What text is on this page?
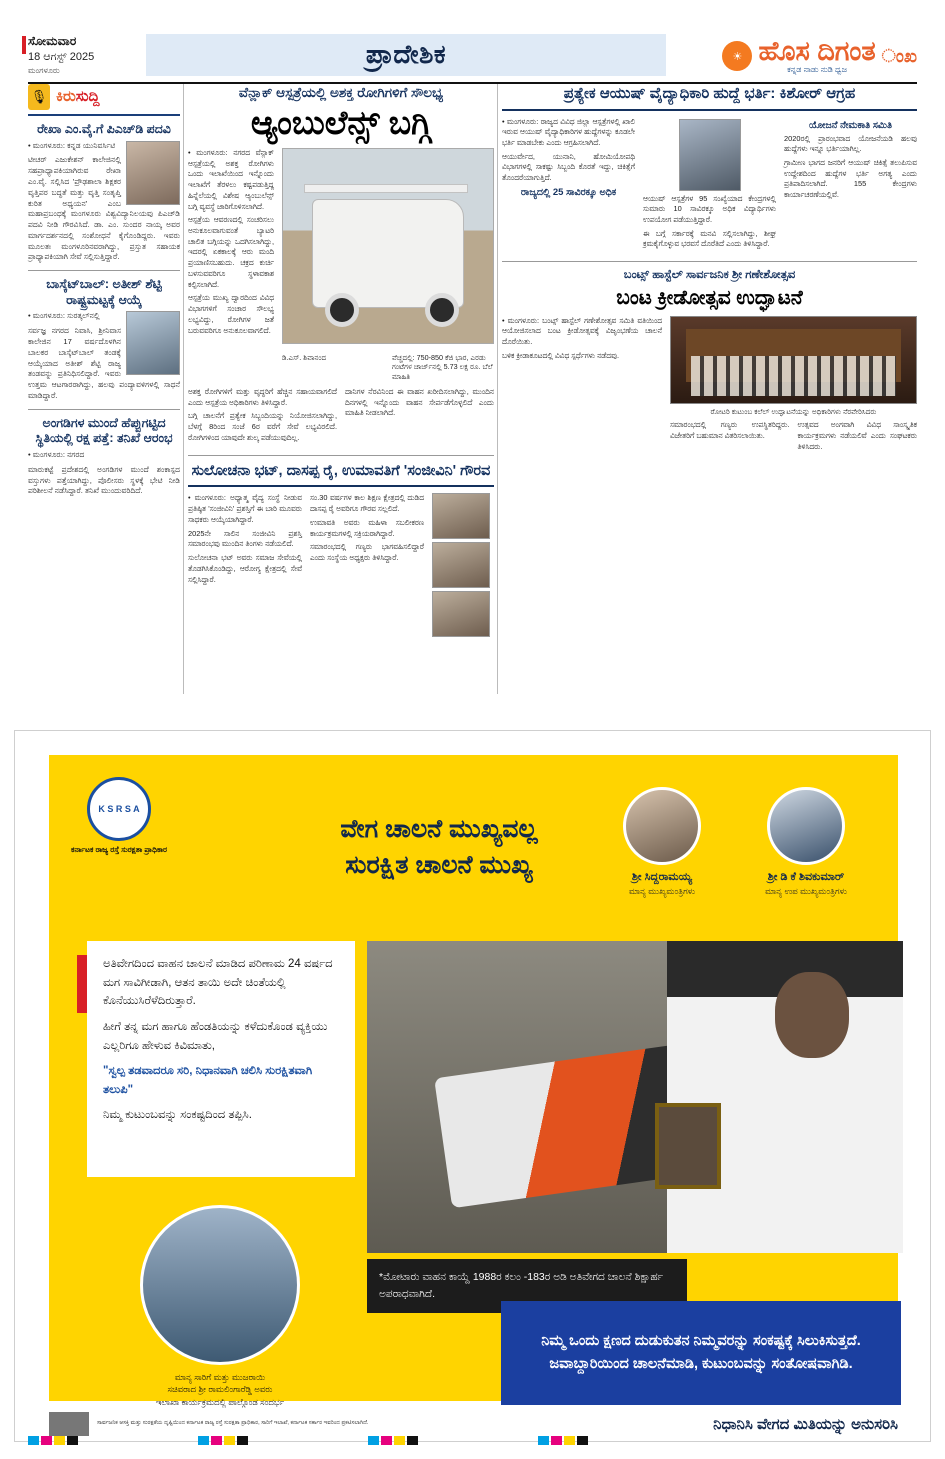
ಸೋಮವಾರ
18 ಆಗಸ್ಟ್ 2025
ಮಂಗಳೂರು
ಪ್ರಾದೇಶಿಕ	☀ ಹೊಸ ದಿಗಂತ
ಕನ್ನಡ ನಾಡು ನುಡಿ ಧ್ವಜ
ಂಖ
🎙 ಕಿರುಸುದ್ದಿ
ರೇಖಾ ಎಂ.ವೈ.ಗೆ ಪಿಎಚ್‌ಡಿ ಪದವಿ

• ಮಂಗಳೂರು: ಕನ್ನಡ ಯುನಿವರ್ಸಿಟಿ

ಟೀಚರ್ ಎಜುಕೇಶನ್ ಕಾಲೇಜಿನಲ್ಲಿ ಸಹಪ್ರಾಧ್ಯಾಪಕಿಯಾಗಿರುವ ರೇಖಾ ಎಂ.ವೈ. ಸಲ್ಲಿಸಿದ 'ಪ್ರೌಢಶಾಲಾ ಶಿಕ್ಷಕರ ವೃತ್ತಿಪರ ಬದ್ಧತೆ ಮತ್ತು ವೃತ್ತಿ ಸಂತೃಪ್ತಿ ಕುರಿತ ಅಧ್ಯಯನ' ಎಂಬ ಮಹಾಪ್ರಬಂಧಕ್ಕೆ ಮಂಗಳೂರು ವಿಶ್ವವಿದ್ಯಾನಿಲಯವು ಪಿಎಚ್‌ಡಿ ಪದವಿ ನೀಡಿ ಗೌರವಿಸಿದೆ. ಡಾ. ಎಂ. ಸುಂದರ ನಾಯ್ಕ ಅವರ ಮಾರ್ಗದರ್ಶನದಲ್ಲಿ ಸಂಶೋಧನೆ ಕೈಗೊಂಡಿದ್ದರು. ಇವರು ಮೂಲತಃ ಮಂಗಳೂರಿನವರಾಗಿದ್ದು, ಪ್ರಸ್ತುತ ಸಹಾಯಕ ಪ್ರಾಧ್ಯಾಪಕಿಯಾಗಿ ಸೇವೆ ಸಲ್ಲಿಸುತ್ತಿದ್ದಾರೆ.

ಬಾಸ್ಕೆಟ್‌ಬಾಲ್: ಅತೀಶ್ ಶೆಟ್ಟಿ ರಾಷ್ಟ್ರಮಟ್ಟಕ್ಕೆ ಆಯ್ಕೆ

• ಮಂಗಳೂರು: ಸುರತ್ಕಲ್‌ನಲ್ಲಿ

ಸರ್ವಜ್ಞ ನಗರದ ನಿವಾಸಿ, ಶ್ರೀನಿವಾಸ ಕಾಲೇಜಿನ 17 ವರ್ಷದೊಳಗಿನ ಬಾಲಕರ ಬಾಸ್ಕೆಟ್‌ಬಾಲ್ ತಂಡಕ್ಕೆ ಆಯ್ಕೆಯಾದ ಅತೀಶ್ ಶೆಟ್ಟಿ ರಾಜ್ಯ ತಂಡವನ್ನು ಪ್ರತಿನಿಧಿಸಲಿದ್ದಾರೆ. ಇವರು ಉತ್ತಮ ಆಟಗಾರರಾಗಿದ್ದು, ಹಲವು ಪಂದ್ಯಾವಳಿಗಳಲ್ಲಿ ಸಾಧನೆ ಮಾಡಿದ್ದಾರೆ.

ಅಂಗಡಿಗಳ ಮುಂದೆ ಹೆಪ್ಪುಗಟ್ಟಿದ ಸ್ಥಿತಿಯಲ್ಲಿ ರಕ್ಷ ಪತ್ತೆ: ತನಿಖೆ ಆರಂಭ

• ಮಂಗಳೂರು: ನಗರದ

ಮಾರುಕಟ್ಟೆ ಪ್ರದೇಶದಲ್ಲಿ ಅಂಗಡಿಗಳ ಮುಂದೆ ಶಂಕಾಸ್ಪದ ವಸ್ತುಗಳು ಪತ್ತೆಯಾಗಿದ್ದು, ಪೊಲೀಸರು ಸ್ಥಳಕ್ಕೆ ಭೇಟಿ ನೀಡಿ ಪರಿಶೀಲನೆ ನಡೆಸಿದ್ದಾರೆ. ತನಿಖೆ ಮುಂದುವರಿದಿದೆ.

ವೆನ್ಲಾಕ್ ಆಸ್ಪತ್ರೆಯಲ್ಲಿ ಅಶಕ್ತ ರೋಗಿಗಳಿಗೆ ಸೌಲಭ್ಯ
ಆ್ಯಂಬುಲೆನ್ಸ್ ಬಗ್ಗಿ

• ಮಂಗಳೂರು: ನಗರದ ವೆನ್ಲಾಕ್ ಆಸ್ಪತ್ರೆಯಲ್ಲಿ ಅಶಕ್ತ ರೋಗಿಗಳು ಒಂದು ಇಲಾಖೆಯಿಂದ ಇನ್ನೊಂದು ಇಲಾಖೆಗೆ ತೆರಳಲು ಕಷ್ಟಪಡುತ್ತಿದ್ದ ಹಿನ್ನೆಲೆಯಲ್ಲಿ ವಿಶೇಷ ಆ್ಯಂಬುಲೆನ್ಸ್ ಬಗ್ಗಿ ವ್ಯವಸ್ಥೆ ಜಾರಿಗೊಳಿಸಲಾಗಿದೆ.

ಆಸ್ಪತ್ರೆಯ ಆವರಣದಲ್ಲಿ ಸಂಚರಿಸಲು ಅನುಕೂಲವಾಗುವಂತೆ ಬ್ಯಾಟರಿ ಚಾಲಿತ ಬಗ್ಗಿಯನ್ನು ಒದಗಿಸಲಾಗಿದ್ದು, ಇದರಲ್ಲಿ ಏಕಕಾಲಕ್ಕೆ ಆರು ಮಂದಿ ಪ್ರಯಾಣಿಸಬಹುದು. ಚಕ್ರದ ಕುರ್ಚಿ ಬಳಸುವವರಿಗೂ ಸ್ಥಳಾವಕಾಶ ಕಲ್ಪಿಸಲಾಗಿದೆ.

ಆಸ್ಪತ್ರೆಯ ಮುಖ್ಯ ದ್ವಾರದಿಂದ ವಿವಿಧ ವಿಭಾಗಗಳಿಗೆ ಸಂಚಾರ ಸೌಲಭ್ಯ ಲಭ್ಯವಿದ್ದು, ರೋಗಿಗಳ ಜತೆ ಬರುವವರಿಗೂ ಅನುಕೂಲವಾಗಲಿದೆ.

ಡಿ.ಎಸ್. ಶಿವಾನಂದ	ವೆಚ್ಚದಲ್ಲಿ: 750-850 ಕೆಜಿ ಭಾರ, ಎರಡು ಗಂಟೆಗಳ ಚಾರ್ಜ್‌ನಲ್ಲಿ 5.73 ಲಕ್ಷ ರೂ. ಬೆಲೆ ಮಾಹಿತಿ

ಅಶಕ್ತ ರೋಗಿಗಳಿಗೆ ಮತ್ತು ವೃದ್ಧರಿಗೆ ಹೆಚ್ಚಿನ ಸಹಾಯವಾಗಲಿದೆ ಎಂದು ಆಸ್ಪತ್ರೆಯ ಅಧಿಕಾರಿಗಳು ತಿಳಿಸಿದ್ದಾರೆ.

ಬಗ್ಗಿ ಚಾಲನೆಗೆ ಪ್ರತ್ಯೇಕ ಸಿಬ್ಬಂದಿಯನ್ನು ನಿಯೋಜಿಸಲಾಗಿದ್ದು, ಬೆಳಗ್ಗೆ 8ರಿಂದ ಸಂಜೆ 6ರ ವರೆಗೆ ಸೇವೆ ಲಭ್ಯವಿರಲಿದೆ. ರೋಗಿಗಳಿಂದ ಯಾವುದೇ ಶುಲ್ಕ ಪಡೆಯುವುದಿಲ್ಲ.

ದಾನಿಗಳ ನೆರವಿನಿಂದ ಈ ವಾಹನ ಖರೀದಿಸಲಾಗಿದ್ದು, ಮುಂದಿನ ದಿನಗಳಲ್ಲಿ ಇನ್ನೊಂದು ವಾಹನ ಸೇರ್ಪಡೆಗೊಳ್ಳಲಿದೆ ಎಂದು ಮಾಹಿತಿ ನೀಡಲಾಗಿದೆ.

ಸುಲೋಚನಾ ಭಟ್, ದಾಸಪ್ಪ ರೈ, ಉಮಾವತಿಗೆ 'ಸಂಜೀವಿನಿ' ಗೌರವ

• ಮಂಗಳೂರು: ಅಧ್ಯಾತ್ಮ ವೈದ್ಯ ಸಂಸ್ಥೆ ನೀಡುವ ಪ್ರತಿಷ್ಠಿತ 'ಸಂಜೀವಿನಿ' ಪ್ರಶಸ್ತಿಗೆ ಈ ಬಾರಿ ಮೂವರು ಸಾಧಕರು ಆಯ್ಕೆಯಾಗಿದ್ದಾರೆ.

2025ನೇ ಸಾಲಿನ ಸಂಜೀವಿನಿ ಪ್ರಶಸ್ತಿ ಸಮಾರಂಭವು ಮುಂದಿನ ತಿಂಗಳು ನಡೆಯಲಿದೆ.

ಸುಲೋಚನಾ ಭಟ್ ಅವರು ಸಮಾಜ ಸೇವೆಯಲ್ಲಿ ತೊಡಗಿಸಿಕೊಂಡಿದ್ದು, ಆರೋಗ್ಯ ಕ್ಷೇತ್ರದಲ್ಲಿ ಸೇವೆ ಸಲ್ಲಿಸಿದ್ದಾರೆ.

ಸಂ.30 ವರ್ಷಗಳ ಕಾಲ ಶಿಕ್ಷಣ ಕ್ಷೇತ್ರದಲ್ಲಿ ದುಡಿದ ದಾಸಪ್ಪ ರೈ ಅವರಿಗೂ ಗೌರವ ಸಲ್ಲಲಿದೆ.

ಉಮಾವತಿ ಅವರು ಮಹಿಳಾ ಸಬಲೀಕರಣ ಕಾರ್ಯಕ್ರಮಗಳಲ್ಲಿ ಸಕ್ರಿಯರಾಗಿದ್ದಾರೆ.

ಸಮಾರಂಭದಲ್ಲಿ ಗಣ್ಯರು ಭಾಗವಹಿಸಲಿದ್ದಾರೆ ಎಂದು ಸಂಸ್ಥೆಯ ಅಧ್ಯಕ್ಷರು ತಿಳಿಸಿದ್ದಾರೆ.

ಪ್ರತ್ಯೇಕ ಆಯುಷ್ ವೈದ್ಯಾಧಿಕಾರಿ ಹುದ್ದೆ ಭರ್ತಿ: ಕಿಶೋರ್ ಆಗ್ರಹ

• ಮಂಗಳೂರು: ರಾಜ್ಯದ ವಿವಿಧ ಜಿಲ್ಲಾ ಆಸ್ಪತ್ರೆಗಳಲ್ಲಿ ಖಾಲಿ ಇರುವ ಆಯುಷ್ ವೈದ್ಯಾಧಿಕಾರಿಗಳ ಹುದ್ದೆಗಳನ್ನು ಕೂಡಲೇ ಭರ್ತಿ ಮಾಡಬೇಕು ಎಂದು ಆಗ್ರಹಿಸಲಾಗಿದೆ.

ಆಯುರ್ವೇದ, ಯುನಾನಿ, ಹೋಮಿಯೋಪಥಿ ವಿಭಾಗಗಳಲ್ಲಿ ಸಾಕಷ್ಟು ಸಿಬ್ಬಂದಿ ಕೊರತೆ ಇದ್ದು, ಚಿಕಿತ್ಸೆಗೆ ತೊಂದರೆಯಾಗುತ್ತಿದೆ.

ರಾಜ್ಯದಲ್ಲಿ 25 ಸಾವಿರಕ್ಕೂ ಅಧಿಕ

ಆಯುಷ್ ಆಸ್ಪತ್ರೆಗಳ 95 ಸಂಖ್ಯೆಯಾದ ಕೇಂದ್ರಗಳಲ್ಲಿ ಸುಮಾರು 10 ಸಾವಿರಕ್ಕೂ ಅಧಿಕ ವಿದ್ಯಾರ್ಥಿಗಳು ಉಪಯೋಗ ಪಡೆಯುತ್ತಿದ್ದಾರೆ.

ಈ ಬಗ್ಗೆ ಸರ್ಕಾರಕ್ಕೆ ಮನವಿ ಸಲ್ಲಿಸಲಾಗಿದ್ದು, ಶೀಘ್ರ ಕ್ರಮಕೈಗೊಳ್ಳುವ ಭರವಸೆ ದೊರೆತಿದೆ ಎಂದು ತಿಳಿಸಿದ್ದಾರೆ.

ಯೋಜನೆ ನೇಮಕಾತಿ ಸಮಿತಿ

2020ರಲ್ಲಿ ಪ್ರಾರಂಭವಾದ ಯೋಜನೆಯಡಿ ಹಲವು ಹುದ್ದೆಗಳು ಇನ್ನೂ ಭರ್ತಿಯಾಗಿಲ್ಲ.

ಗ್ರಾಮೀಣ ಭಾಗದ ಜನರಿಗೆ ಆಯುಷ್ ಚಿಕಿತ್ಸೆ ತಲುಪಿಸುವ ಉದ್ದೇಶದಿಂದ ಹುದ್ದೆಗಳ ಭರ್ತಿ ಅಗತ್ಯ ಎಂದು ಪ್ರತಿಪಾದಿಸಲಾಗಿದೆ. 155 ಕೇಂದ್ರಗಳು ಕಾರ್ಯಾಚರಣೆಯಲ್ಲಿವೆ.

ಬಂಟ್ಸ್ ಹಾಸ್ಟೆಲ್ ಸಾರ್ವಜನಿಕ ಶ್ರೀ ಗಣೇಶೋತ್ಸವ
ಬಂಟ ಕ್ರೀಡೋತ್ಸವ ಉದ್ಘಾಟನೆ

• ಮಂಗಳೂರು: ಬಂಟ್ಸ್ ಹಾಸ್ಟೆಲ್ ಗಣೇಶೋತ್ಸವ ಸಮಿತಿ ವತಿಯಿಂದ ಆಯೋಜಿಸಲಾದ ಬಂಟ ಕ್ರೀಡೋತ್ಸವಕ್ಕೆ ವಿಜೃಂಭಣೆಯ ಚಾಲನೆ ದೊರೆಯಿತು.

ಬಳಿಕ ಕ್ರೀಡಾಕೂಟದಲ್ಲಿ ವಿವಿಧ ಸ್ಪರ್ಧೆಗಳು ನಡೆದವು.

ರೋಟರಿ ಕುಟುಂಬ ಕಲೆಲ್ ಉದ್ಘಾಟನೆಯನ್ನು ಅಧಿಕಾರಿಗಳು ನೆರವೇರಿಸಿದರು

ಸಮಾರಂಭದಲ್ಲಿ ಗಣ್ಯರು ಉಪಸ್ಥಿತರಿದ್ದರು. ವಿಜೇತರಿಗೆ ಬಹುಮಾನ ವಿತರಿಸಲಾಯಿತು.

ಉತ್ಸವದ ಅಂಗವಾಗಿ ವಿವಿಧ ಸಾಂಸ್ಕೃತಿಕ ಕಾರ್ಯಕ್ರಮಗಳು ನಡೆಯಲಿವೆ ಎಂದು ಸಂಘಟಕರು ತಿಳಿಸಿದರು.

K S R S A
ಕರ್ನಾಟಕ ರಾಜ್ಯ ರಸ್ತೆ ಸುರಕ್ಷತಾ ಪ್ರಾಧಿಕಾರ
ವೇಗ ಚಾಲನೆ ಮುಖ್ಯವಲ್ಲ
ಸುರಕ್ಷಿತ ಚಾಲನೆ ಮುಖ್ಯ	ಶ್ರೀ ಸಿದ್ದರಾಮಯ್ಯ
ಮಾನ್ಯ ಮುಖ್ಯಮಂತ್ರಿಗಳು
ಶ್ರೀ ಡಿ ಕೆ ಶಿವಕುಮಾರ್
ಮಾನ್ಯ ಉಪ ಮುಖ್ಯಮಂತ್ರಿಗಳು

ಅತಿವೇಗದಿಂದ ವಾಹನ ಚಾಲನೆ ಮಾಡಿದ ಪರಿಣಾಮ 24 ವರ್ಷದ ಮಗ ಸಾವಿಗೀಡಾಗಿ, ಆತನ ತಾಯಿ ಅದೇ ಚಿಂತೆಯಲ್ಲಿ ಕೊನೆಯುಸಿರೆಳೆದಿರುತ್ತಾರೆ.

ಹೀಗೆ ತನ್ನ ಮಗ ಹಾಗೂ ಹೆಂಡತಿಯನ್ನು ಕಳೆದುಕೊಂಡ ವ್ಯಕ್ತಿಯು ಎಲ್ಲರಿಗೂ ಹೇಳುವ ಕಿವಿಮಾತು,

"ಸ್ವಲ್ಪ ತಡವಾದರೂ ಸರಿ, ನಿಧಾನವಾಗಿ ಚಲಿಸಿ ಸುರಕ್ಷಿತವಾಗಿ ತಲುಪಿ"

ನಿಮ್ಮ ಕುಟುಂಬವನ್ನು ಸಂಕಷ್ಟದಿಂದ ತಪ್ಪಿಸಿ.

*ಮೋಟಾರು ವಾಹನ ಕಾಯ್ದೆ 1988ರ ಕಲಂ -183ರ ಅಡಿ ಅತಿವೇಗದ ಚಾಲನೆ ಶಿಕ್ಷಾರ್ಹ ಅಪರಾಧವಾಗಿದೆ.

ಮಾನ್ಯ ಸಾರಿಗೆ ಮತ್ತು ಮುಜರಾಯಿ
ಸಚಿವರಾದ ಶ್ರೀ ರಾಮಲಿಂಗಾರೆಡ್ಡಿ ಅವರು
ಇಲಾಖಾ ಕಾರ್ಯಕ್ರಮದಲ್ಲಿ ಪಾಲ್ಗೊಂಡ ಸಂದರ್ಭ

ನಿಮ್ಮ ಒಂದು ಕ್ಷಣದ ದುಡುಕುತನ ನಿಮ್ಮವರನ್ನು ಸಂಕಷ್ಟಕ್ಕೆ ಸಿಲುಕಿಸುತ್ತದೆ. ಜವಾಬ್ದಾರಿಯಿಂದ ಚಾಲನೆಮಾಡಿ, ಕುಟುಂಬವನ್ನು ಸಂತೋಷವಾಗಿಡಿ.

ಸಾರ್ವಜನಿಕ ಆಸಕ್ತಿ ಮತ್ತು ಸುರಕ್ಷತೆಯ ದೃಷ್ಟಿಯಿಂದ ಕರ್ನಾಟಕ ರಾಜ್ಯ ರಸ್ತೆ ಸುರಕ್ಷತಾ ಪ್ರಾಧಿಕಾರ, ಸಾರಿಗೆ ಇಲಾಖೆ, ಕರ್ನಾಟಕ ಸರ್ಕಾರ ಇವರಿಂದ ಪ್ರಕಟಿಸಲಾಗಿದೆ.	ನಿಧಾನಿಸಿ ವೇಗದ ಮಿತಿಯನ್ನು ಅನುಸರಿಸಿ
